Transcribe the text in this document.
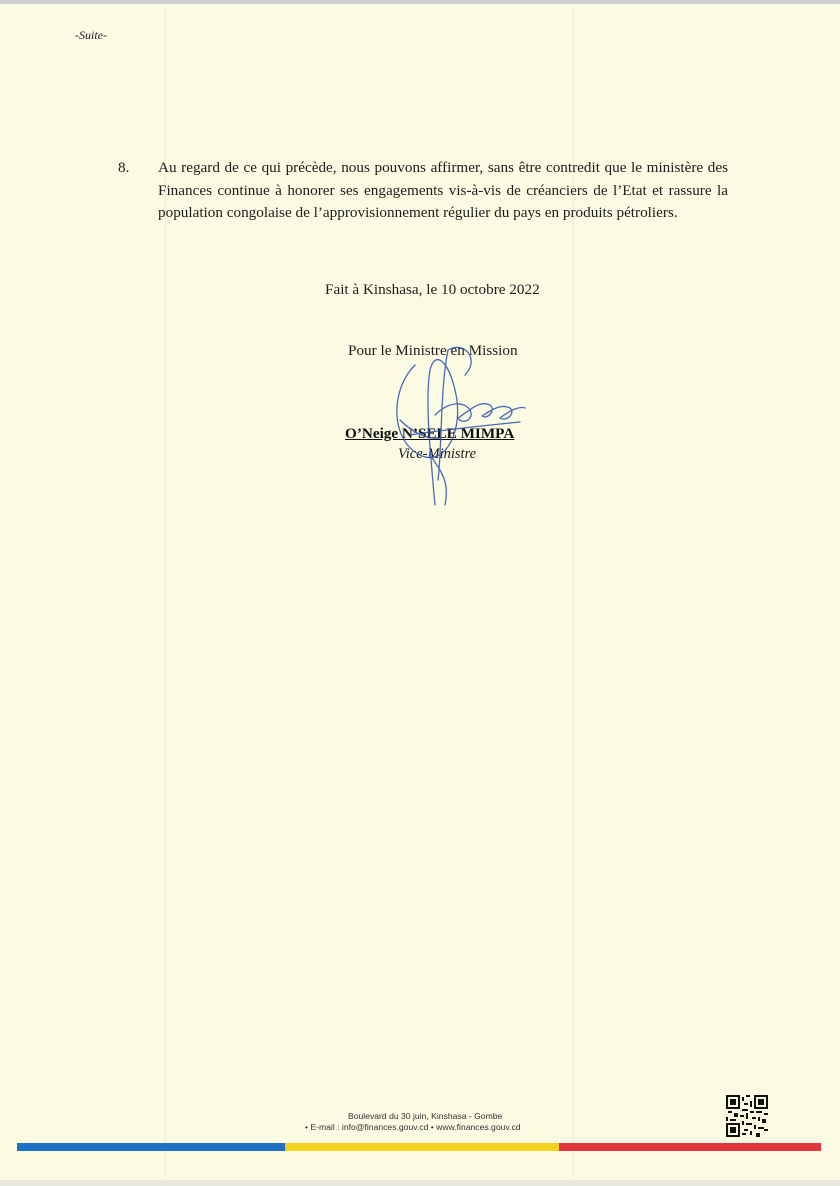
-Suite-
8. Au regard de ce qui précède, nous pouvons affirmer, sans être contredit que le ministère des Finances continue à honorer ses engagements vis-à-vis de créanciers de l’Etat et rassure la population congolaise de l’approvisionnement régulier du pays en produits pétroliers.
Fait à Kinshasa, le 10 octobre 2022
Pour le Ministre en Mission
O’Neige N’SELE MIMPA
Vice-Ministre
Boulevard du 30 juin, Kinshasa - Gombe
• E-mail : info@finances.gouv.cd • www.finances.gouv.cd
